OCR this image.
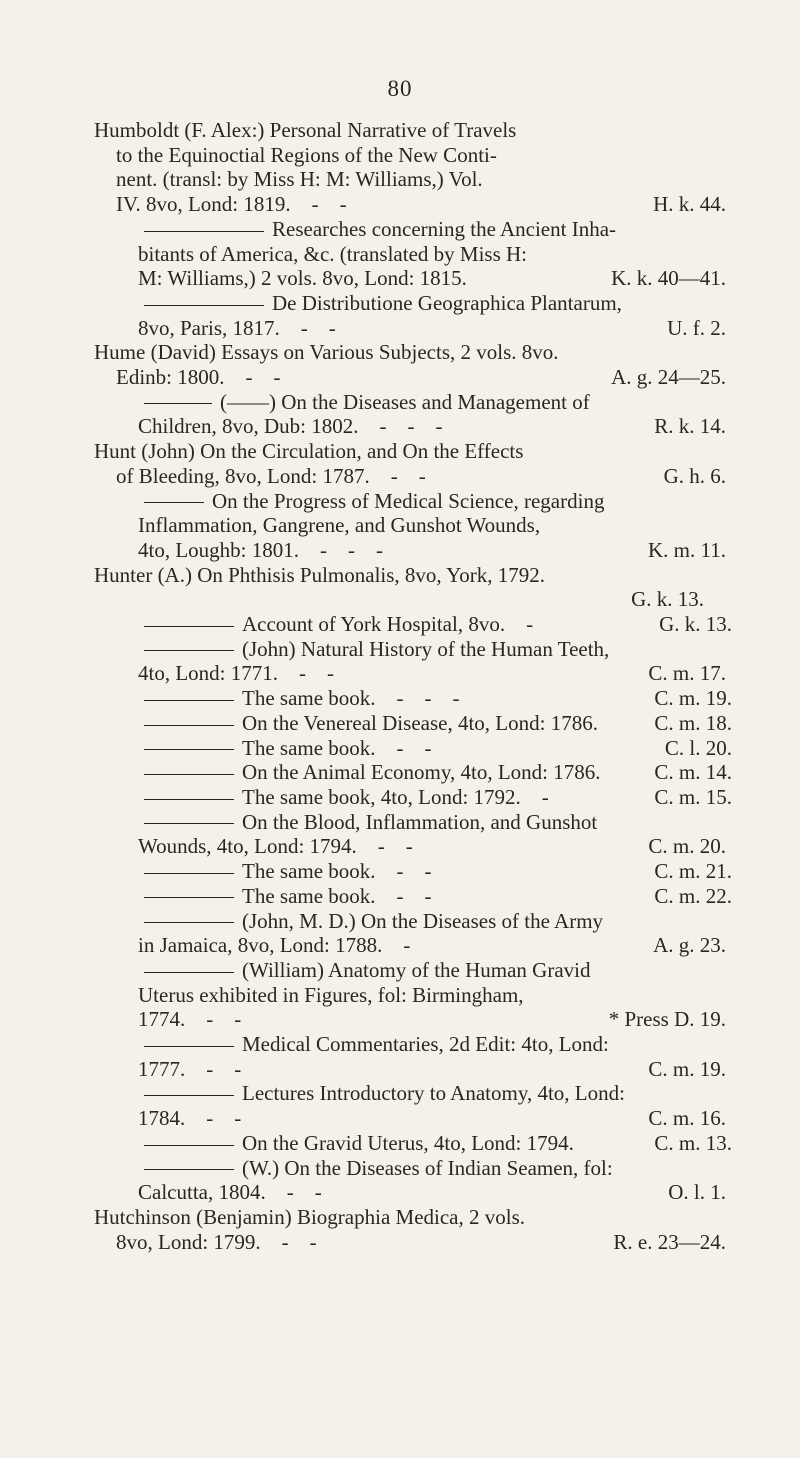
80
Humboldt (F. Alex:) Personal Narrative of Travels
to the Equinoctial Regions of the New Conti-
nent. (transl: by Miss H: M: Williams,) Vol.
IV. 8vo, Lond: 1819.    -    -	H. k. 44.
Researches concerning the Ancient Inha-
bitants of America, &c. (translated by Miss H:
M: Williams,) 2 vols. 8vo, Lond: 1815.	K. k. 40—41.
De Distributione Geographica Plantarum,
8vo, Paris, 1817.    -    -	U. f. 2.
Hume (David) Essays on Various Subjects, 2 vols. 8vo.
Edinb: 1800.    -    -	A. g. 24—25.
(——) On the Diseases and Management of
Children, 8vo, Dub: 1802.    -    -    -	R. k. 14.
Hunt (John) On the Circulation, and On the Effects
of Bleeding, 8vo, Lond: 1787.    -    -	G. h. 6.
On the Progress of Medical Science, regarding
Inflammation, Gangrene, and Gunshot Wounds,
4to, Loughb: 1801.    -    -    -	K. m. 11.
Hunter (A.) On Phthisis Pulmonalis, 8vo, York, 1792.
G. k. 13.
Account of York Hospital, 8vo.    -	G. k. 13.
(John) Natural History of the Human Teeth,
4to, Lond: 1771.    -    -	C. m. 17.
The same book.    -    -    -	C. m. 19.
On the Venereal Disease, 4to, Lond: 1786.	C. m. 18.
The same book.    -    -	C. l. 20.
On the Animal Economy, 4to, Lond: 1786.	C. m. 14.
The same book, 4to, Lond: 1792.    -	C. m. 15.
On the Blood, Inflammation, and Gunshot
Wounds, 4to, Lond: 1794.    -    -	C. m. 20.
The same book.    -    -	C. m. 21.
The same book.    -    -	C. m. 22.
(John, M. D.) On the Diseases of the Army
in Jamaica, 8vo, Lond: 1788.    -	A. g. 23.
(William) Anatomy of the Human Gravid
Uterus exhibited in Figures, fol: Birmingham,
1774.    -    -	* Press D. 19.
Medical Commentaries, 2d Edit: 4to, Lond:
1777.    -    -	C. m. 19.
Lectures Introductory to Anatomy, 4to, Lond:
1784.    -    -	C. m. 16.
On the Gravid Uterus, 4to, Lond: 1794.	C. m. 13.
(W.) On the Diseases of Indian Seamen, fol:
Calcutta, 1804.    -    -	O. l. 1.
Hutchinson (Benjamin) Biographia Medica, 2 vols.
8vo, Lond: 1799.    -    -	R. e. 23—24.
